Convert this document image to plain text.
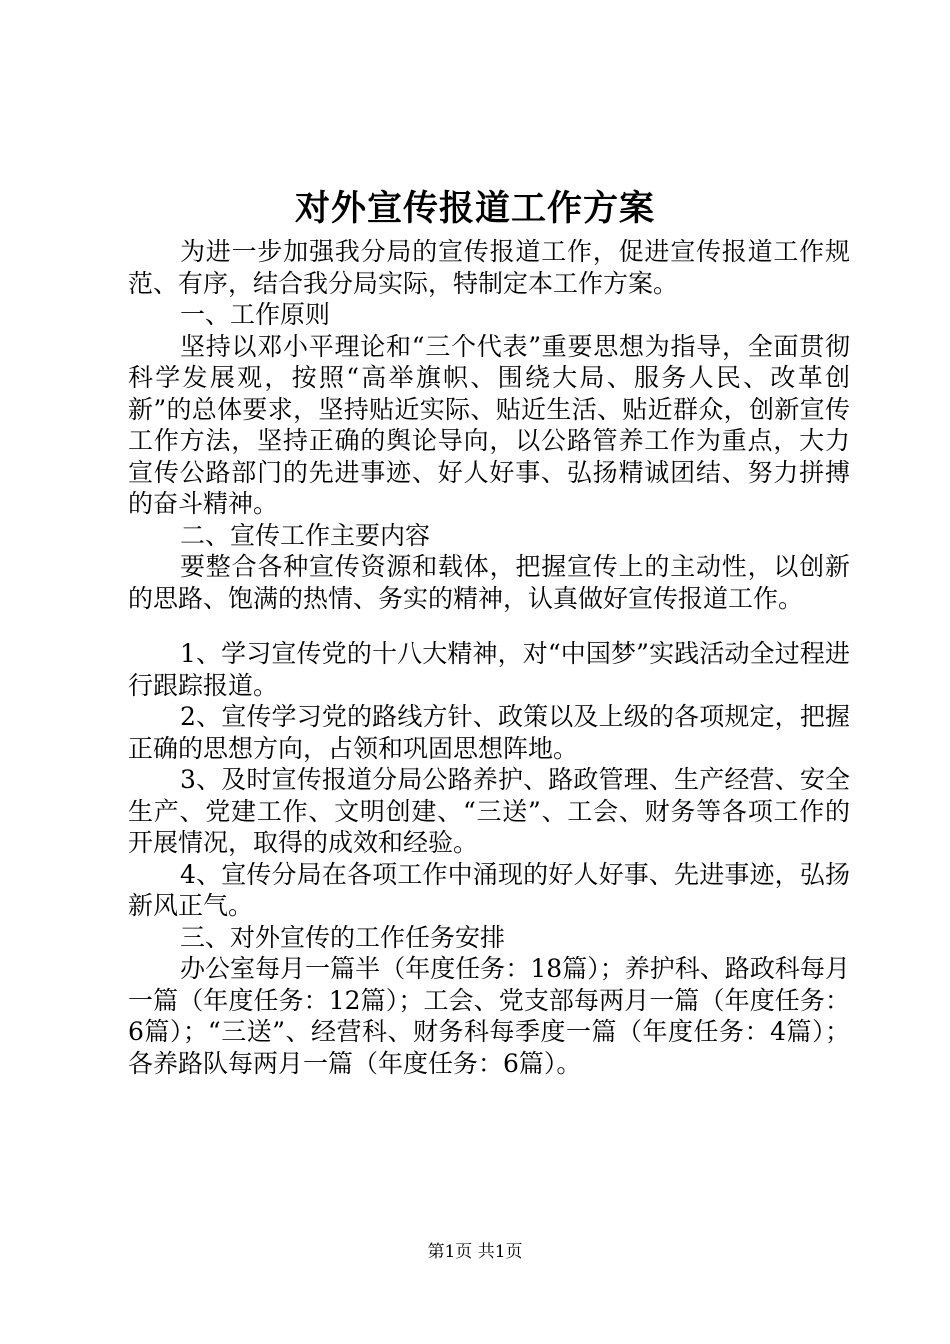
对外宣传报道工作方案

为进一步加强我分局的宣传报道工作，促进宣传报道工作规范、有序，结合我分局实际，特制定本工作方案。

一、工作原则

坚持以邓小平理论和“三个代表”重要思想为指导，全面贯彻科学发展观，按照“高举旗帜、围绕大局、服务人民、改革创新”的总体要求，坚持贴近实际、贴近生活、贴近群众，创新宣传工作方法，坚持正确的舆论导向，以公路管养工作为重点，大力宣传公路部门的先进事迹、好人好事、弘扬精诚团结、努力拼搏的奋斗精神。

二、宣传工作主要内容

要整合各种宣传资源和载体，把握宣传上的主动性，以创新的思路、饱满的热情、务实的精神，认真做好宣传报道工作。

1、学习宣传党的十八大精神，对“中国梦”实践活动全过程进行跟踪报道。

2、宣传学习党的路线方针、政策以及上级的各项规定，把握正确的思想方向，占领和巩固思想阵地。

3、及时宣传报道分局公路养护、路政管理、生产经营、安全生产、党建工作、文明创建、“三送”、工会、财务等各项工作的开展情况，取得的成效和经验。

4、宣传分局在各项工作中涌现的好人好事、先进事迹，弘扬新风正气。

三、对外宣传的工作任务安排

办公室每月一篇半（年度任务：18篇）；养护科、路政科每月一篇（年度任务：12篇）；工会、党支部每两月一篇（年度任务：6篇）；“三送”、经营科、财务科每季度一篇（年度任务：4篇）；各养路队每两月一篇（年度任务：6篇）。

第1页 共1页
